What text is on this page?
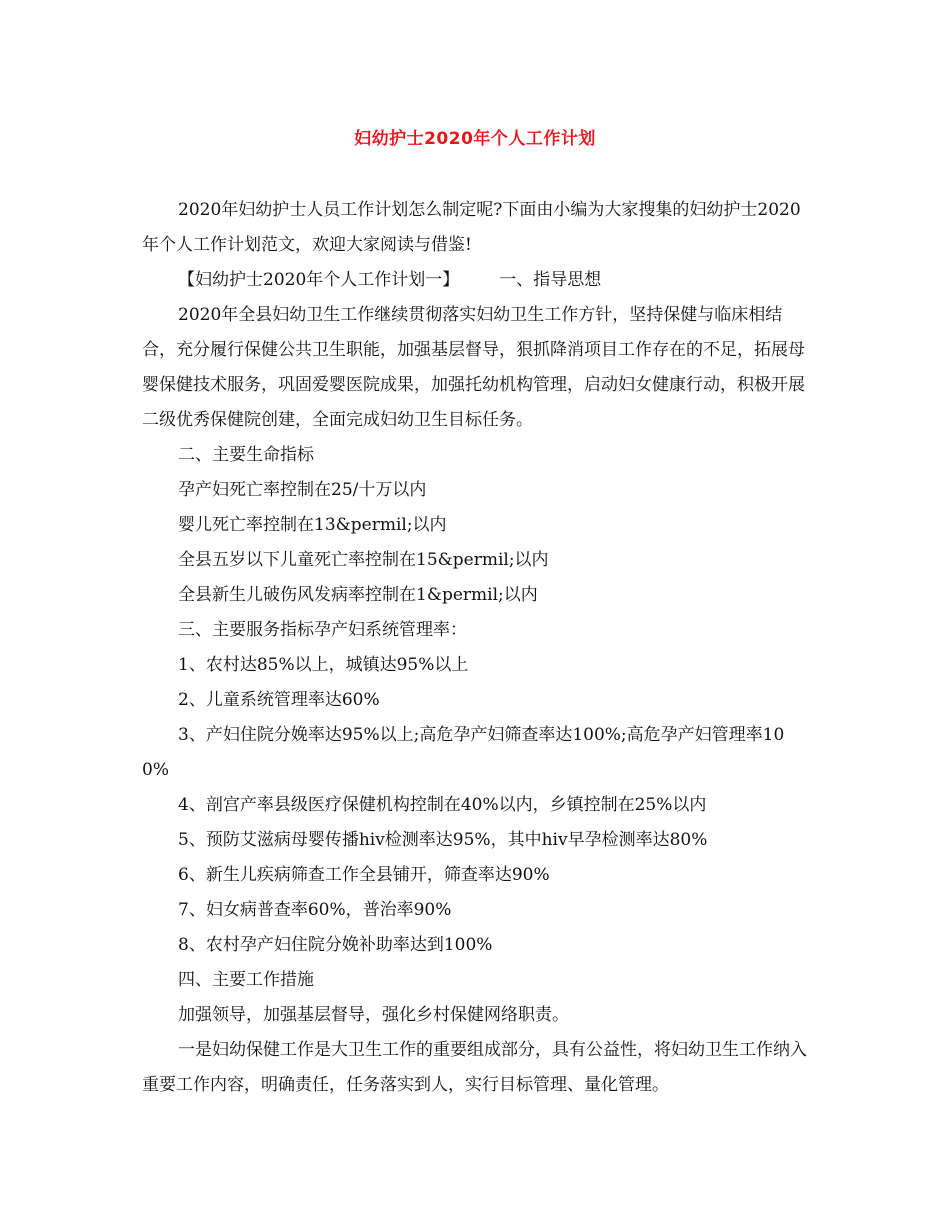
妇幼护士2020年个人工作计划

2020年妇幼护士人员工作计划怎么制定呢?下面由小编为大家搜集的妇幼护士2020年个人工作计划范文，欢迎大家阅读与借鉴!

【妇幼护士2020年个人工作计划一】 一、指导思想

2020年全县妇幼卫生工作继续贯彻落实妇幼卫生工作方针，坚持保健与临床相结合，充分履行保健公共卫生职能，加强基层督导，狠抓降消项目工作存在的不足，拓展母婴保健技术服务，巩固爱婴医院成果，加强托幼机构管理，启动妇女健康行动，积极开展二级优秀保健院创建，全面完成妇幼卫生目标任务。

二、主要生命指标

孕产妇死亡率控制在25/十万以内

婴儿死亡率控制在13&permil;以内

全县五岁以下儿童死亡率控制在15&permil;以内

全县新生儿破伤风发病率控制在1&permil;以内

三、主要服务指标孕产妇系统管理率：

1、农村达85%以上，城镇达95%以上

2、儿童系统管理率达60%

3、产妇住院分娩率达95%以上;高危孕产妇筛查率达100%;高危孕产妇管理率100%

4、剖宫产率县级医疗保健机构控制在40%以内，乡镇控制在25%以内

5、预防艾滋病母婴传播hiv检测率达95%，其中hiv早孕检测率达80%

6、新生儿疾病筛查工作全县铺开，筛查率达90%

7、妇女病普查率60%，普治率90%

8、农村孕产妇住院分娩补助率达到100%

四、主要工作措施

加强领导，加强基层督导，强化乡村保健网络职责。

一是妇幼保健工作是大卫生工作的重要组成部分，具有公益性，将妇幼卫生工作纳入重要工作内容，明确责任，任务落实到人，实行目标管理、量化管理。
